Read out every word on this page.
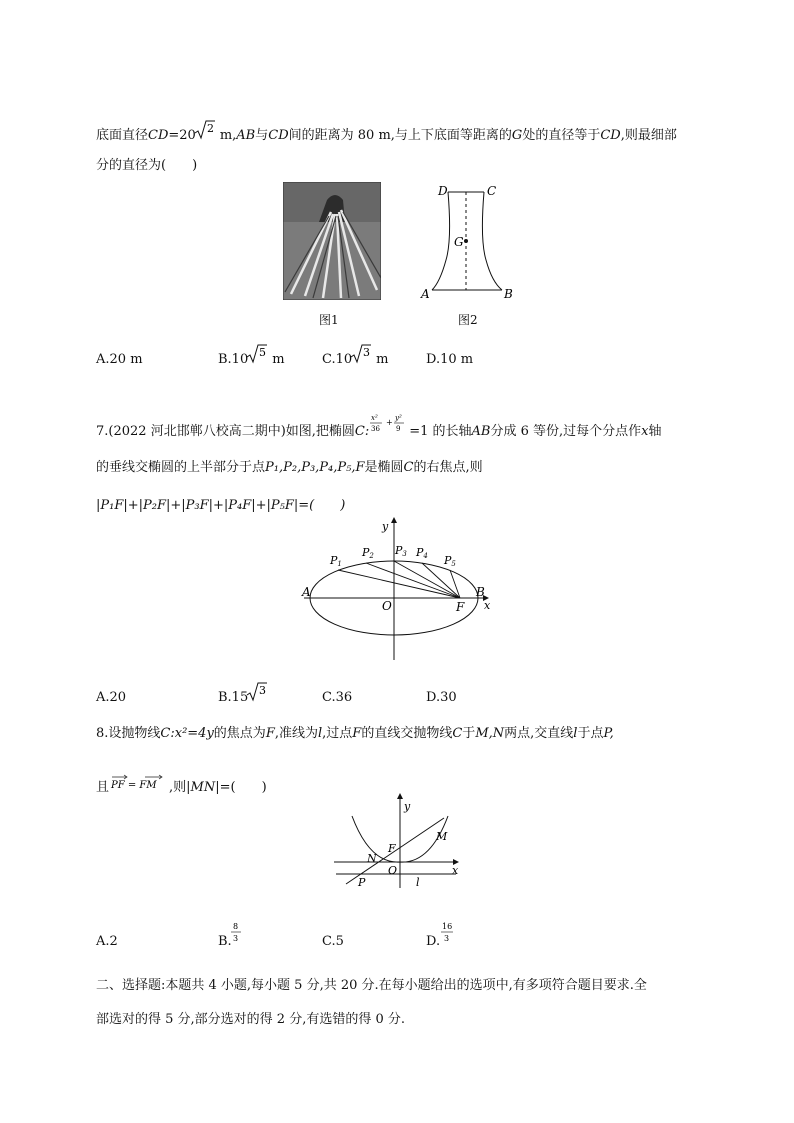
底面直径CD=20 2 m,AB与CD间的距离为 80 m,与上下底面等距离的G处的直径等于CD,则最细部
分的直径为(　　)
图1
D	C
G
A	B
图2
A.20 m	B.10 5 m	C.10 3 m	D.10 m
7.(2022 河北邯郸八校高二期中)如图,把椭圆C:
x²
36
+ y²
9 =1 的长轴AB分成 6 等份,过每个分点作x轴
的垂线交椭圆的上半部分于点P₁,P₂,P₃,P₄,P₅,F是椭圆C的右焦点,则
|P₁F|+|P₂F|+|P₃F|+|P₄F|+|P₅F|=(　　)
A	B
x
y
O	F
P1
P2 P3 P4 P5
A.20	B.15 3	C.36	D.30
8.设抛物线C:x²=4y的焦点为F,准线为l,过点F的直线交抛物线C于M,N两点,交直线l于点P,
且 PF = FM ,则|MN|=(　　)
y
x
F
M
N
O
P	l
A.2	B.
8
3	C.5	D.
16
3
二、选择题:本题共 4 小题,每小题 5 分,共 20 分.在每小题给出的选项中,有多项符合题目要求.全
部选对的得 5 分,部分选对的得 2 分,有选错的得 0 分.
